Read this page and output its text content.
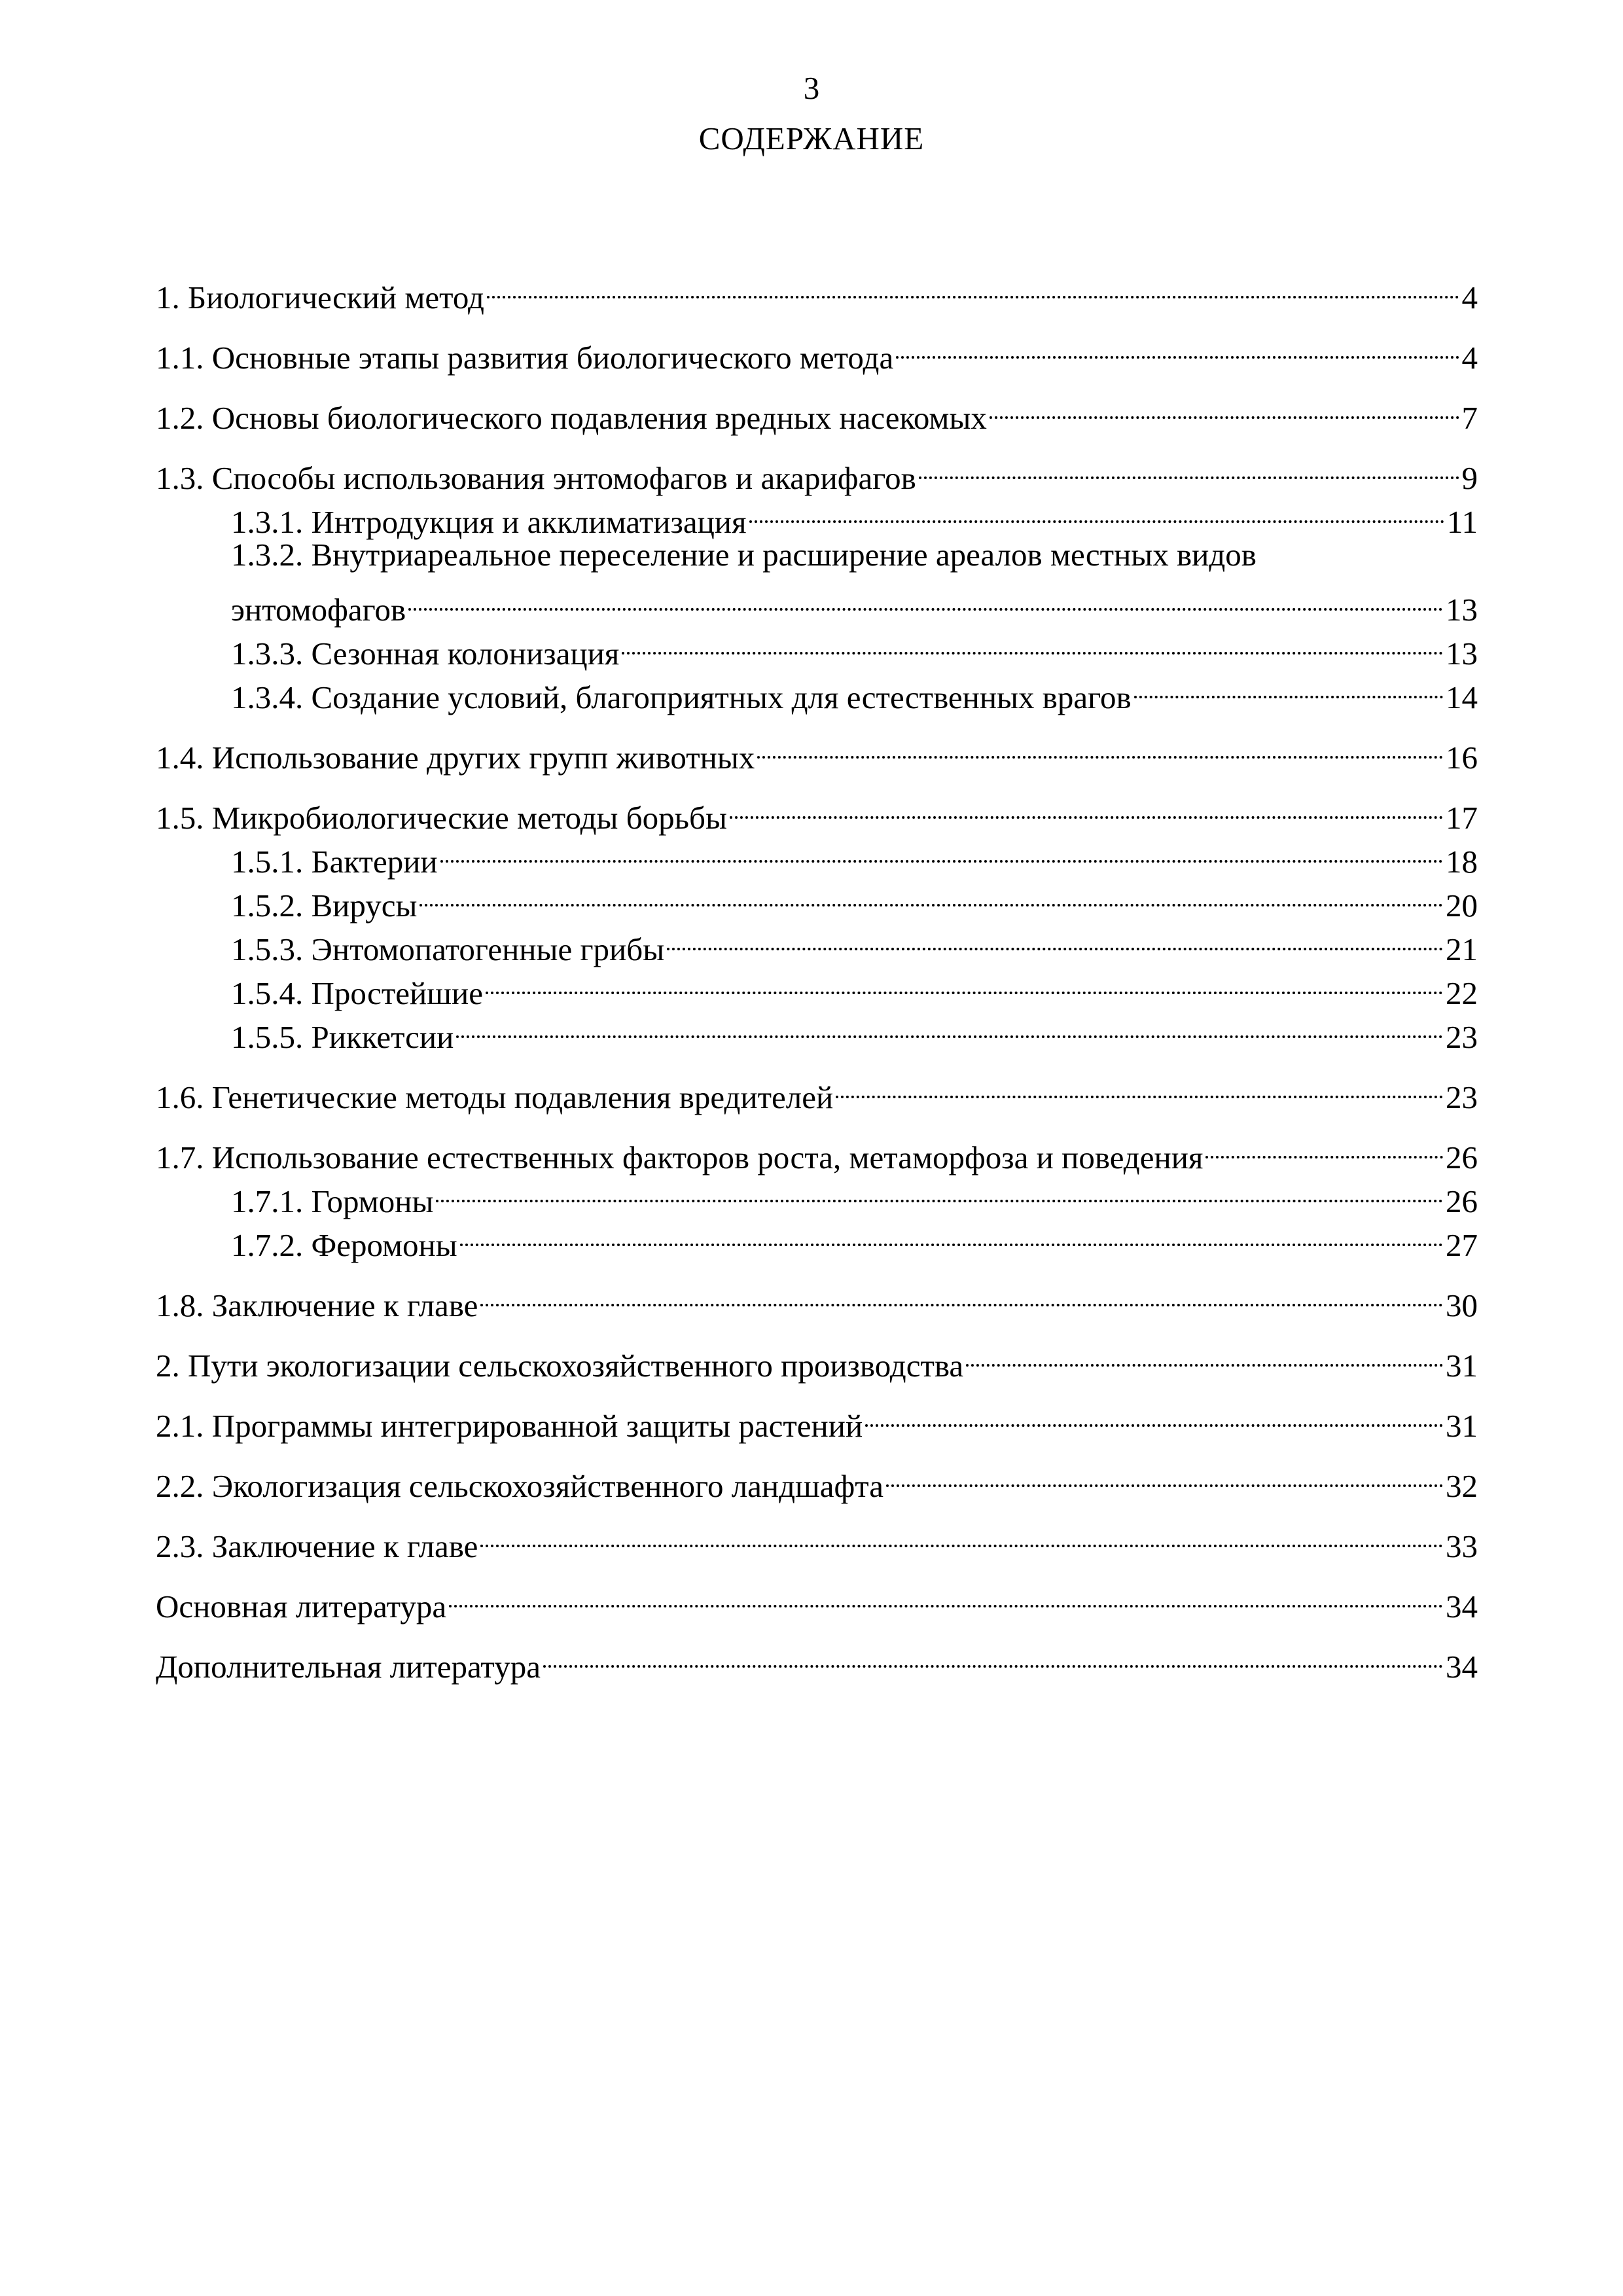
3
СОДЕРЖАНИЕ
1. Биологический метод	4
1.1. Основные этапы развития биологического метода	4
1.2. Основы биологического подавления вредных насекомых	7
1.3. Способы использования энтомофагов и акарифагов	9
1.3.1. Интродукция и акклиматизация	11
1.3.2. Внутриареальное переселение и расширение ареалов местных видов
энтомофагов	13
1.3.3. Сезонная колонизация	13
1.3.4. Создание условий, благоприятных для естественных врагов	14
1.4. Использование других групп животных	16
1.5. Микробиологические методы борьбы	17
1.5.1. Бактерии	18
1.5.2. Вирусы	20
1.5.3. Энтомопатогенные грибы	21
1.5.4. Простейшие	22
1.5.5. Риккетсии	23
1.6. Генетические методы подавления вредителей	23
1.7. Использование естественных факторов роста, метаморфоза и поведения	26
1.7.1. Гормоны	26
1.7.2. Феромоны	27
1.8. Заключение к главе	30
2. Пути экологизации сельскохозяйственного производства	31
2.1. Программы интегрированной защиты растений	31
2.2. Экологизация сельскохозяйственного ландшафта	32
2.3. Заключение к главе	33
Основная литература	34
Дополнительная литература	34
